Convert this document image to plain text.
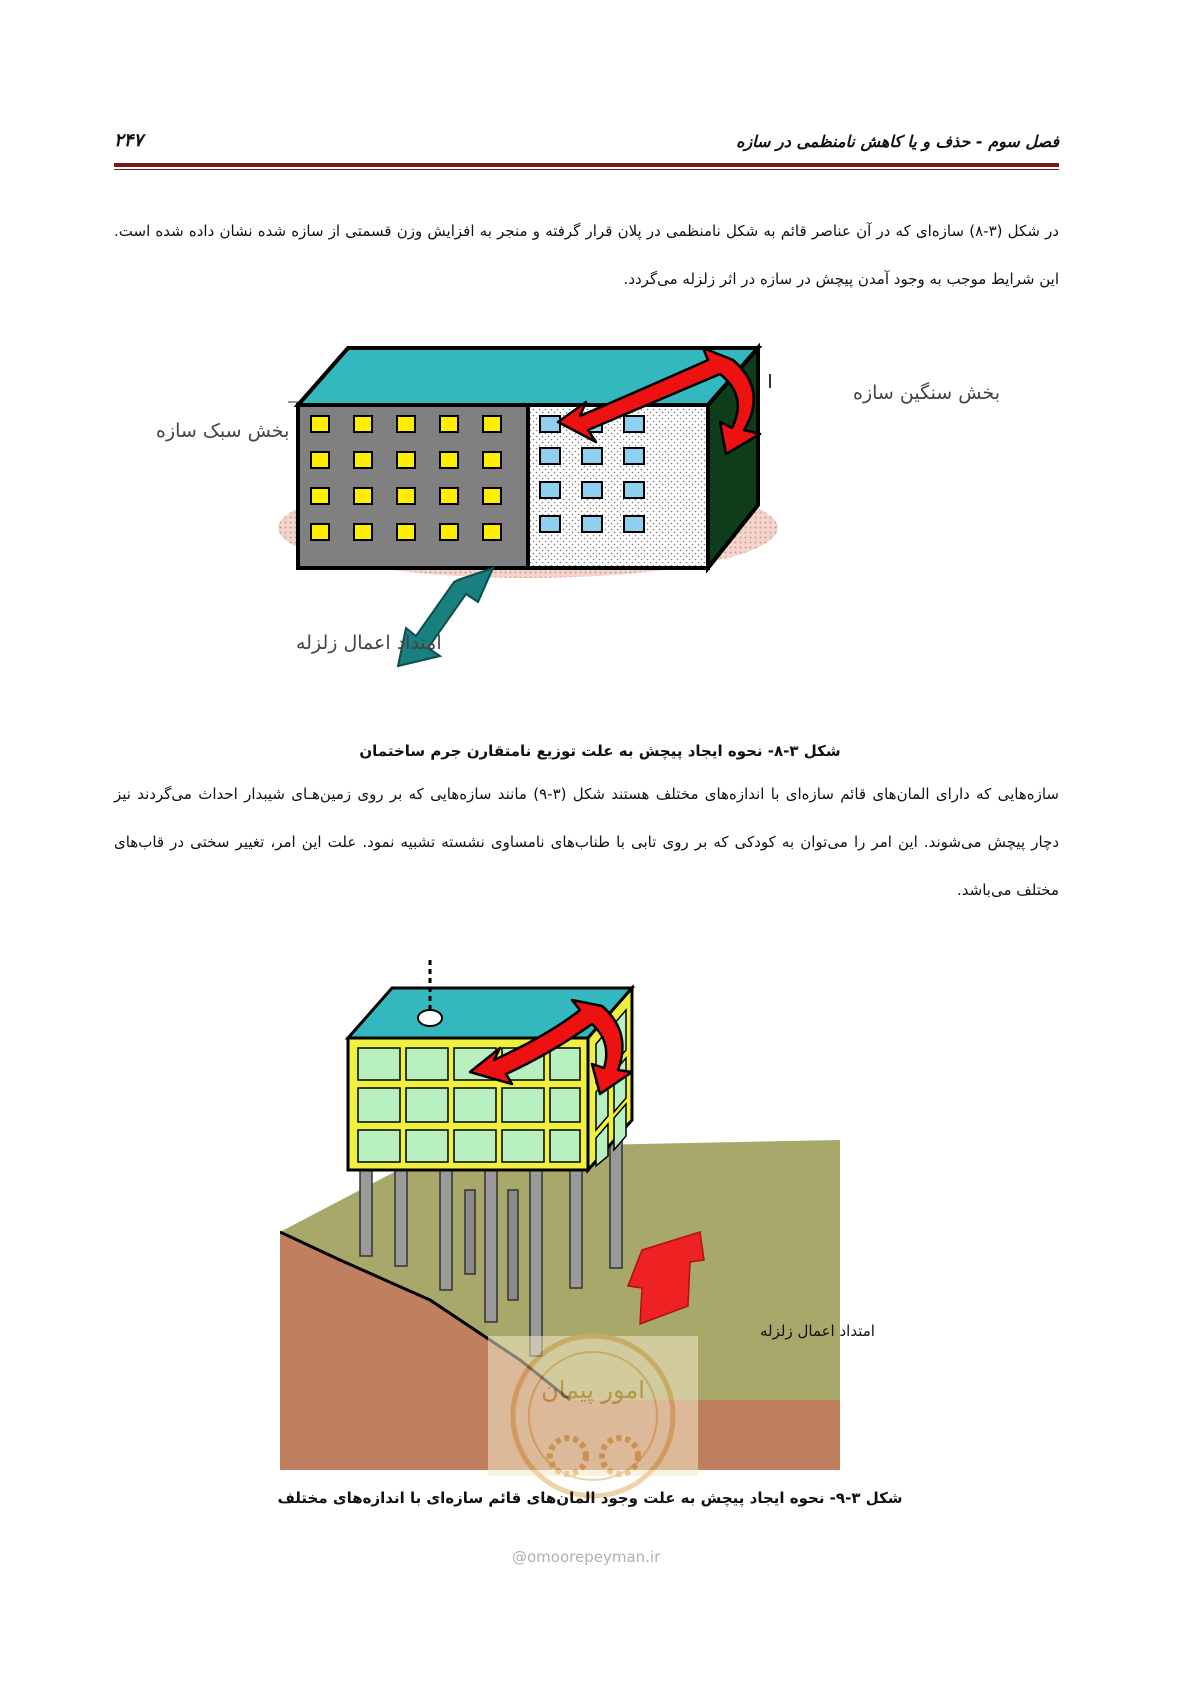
فصل سوم - حذف و یا کاهش نامنظمی در سازه
۲۴۷

در شکل (۳-۸) سازه‌ای که در آن عناصر قائم به شکل نامنظمی در پلان قرار گرفته و منجر به افزایش وزن قسمتی از سازه شده نشان داده شده است. این شرایط موجب به وجود آمدن پیچش در سازه در اثر زلزله می‌گردد.

بخش سنگین سازه
بخش سبک سازه
امتداد اعمال زلزله
شکل ۳-۸- نحوه ایجاد پیچش به علت توزیع نامتقارن جرم ساختمان

سازه‌هایی که دارای المان‌های قائم سازه‌ای با اندازه‌های مختلف هستند شکل (۳-۹) مانند سازه‌هایی که بر روی زمین‌هـای شیبدار احداث می‌گردند نیز دچار پیچش می‌شوند. این امر را می‌توان به کودکی که بر روی تابی با طناب‌های نامساوی نشسته تشبیه نمود. علت این امر، تغییر سختی در قاب‌های مختلف می‌باشد.

امتداد اعمال زلزله
امور پیمان
شکل ۳-۹- نحوه ایجاد پیچش به علت وجود المان‌های قائم سازه‌ای با اندازه‌های مختلف
@omoorepeyman.ir
